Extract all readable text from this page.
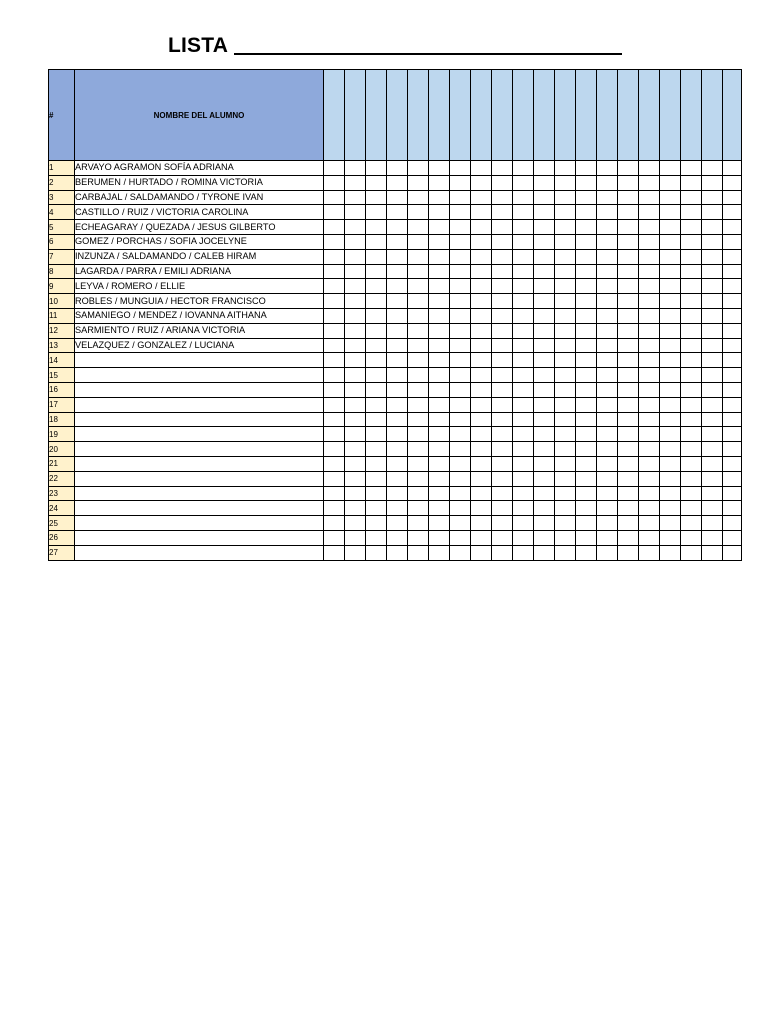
LISTA
#	NOMBRE DEL ALUMNO																				
1	ARVAYO AGRAMON SOFÍA ADRIANA																				
2	BERUMEN / HURTADO / ROMINA VICTORIA																				
3	CARBAJAL / SALDAMANDO / TYRONE IVAN																				
4	CASTILLO / RUIZ / VICTORIA CAROLINA																				
5	ECHEAGARAY / QUEZADA / JESUS GILBERTO																				
6	GOMEZ / PORCHAS / SOFIA JOCELYNE																				
7	INZUNZA / SALDAMANDO / CALEB HIRAM																				
8	LAGARDA / PARRA / EMILI ADRIANA																				
9	LEYVA / ROMERO / ELLIE																				
10	ROBLES / MUNGUIA / HECTOR FRANCISCO																				
11	SAMANIEGO / MENDEZ / IOVANNA AITHANA																				
12	SARMIENTO / RUIZ / ARIANA VICTORIA																				
13	VELAZQUEZ / GONZALEZ / LUCIANA																				
14																					
15																					
16																					
17																					
18																					
19																					
20																					
21																					
22																					
23																					
24																					
25																					
26																					
27																					
